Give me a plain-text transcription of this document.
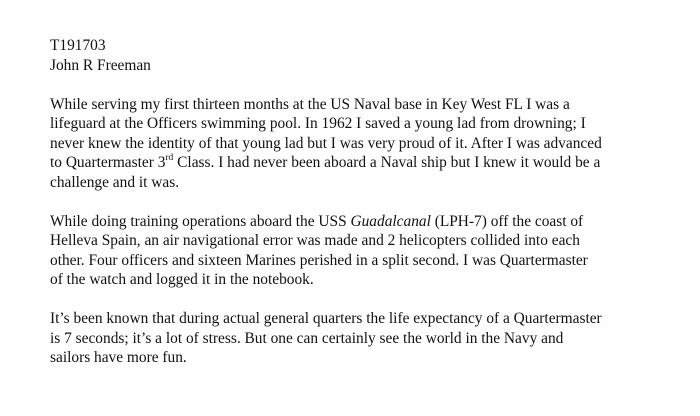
T191703
John R Freeman
While serving my first thirteen months at the US Naval base in Key West FL I was a
lifeguard at the Officers swimming pool. In 1962 I saved a young lad from drowning; I
never knew the identity of that young lad but I was very proud of it. After I was advanced
to Quartermaster 3rd Class. I had never been aboard a Naval ship but I knew it would be a
challenge and it was.
While doing training operations aboard the USS Guadalcanal (LPH-7) off the coast of
Helleva Spain, an air navigational error was made and 2 helicopters collided into each
other. Four officers and sixteen Marines perished in a split second. I was Quartermaster
of the watch and logged it in the notebook.
It’s been known that during actual general quarters the life expectancy of a Quartermaster
is 7 seconds; it’s a lot of stress. But one can certainly see the world in the Navy and
sailors have more fun.
